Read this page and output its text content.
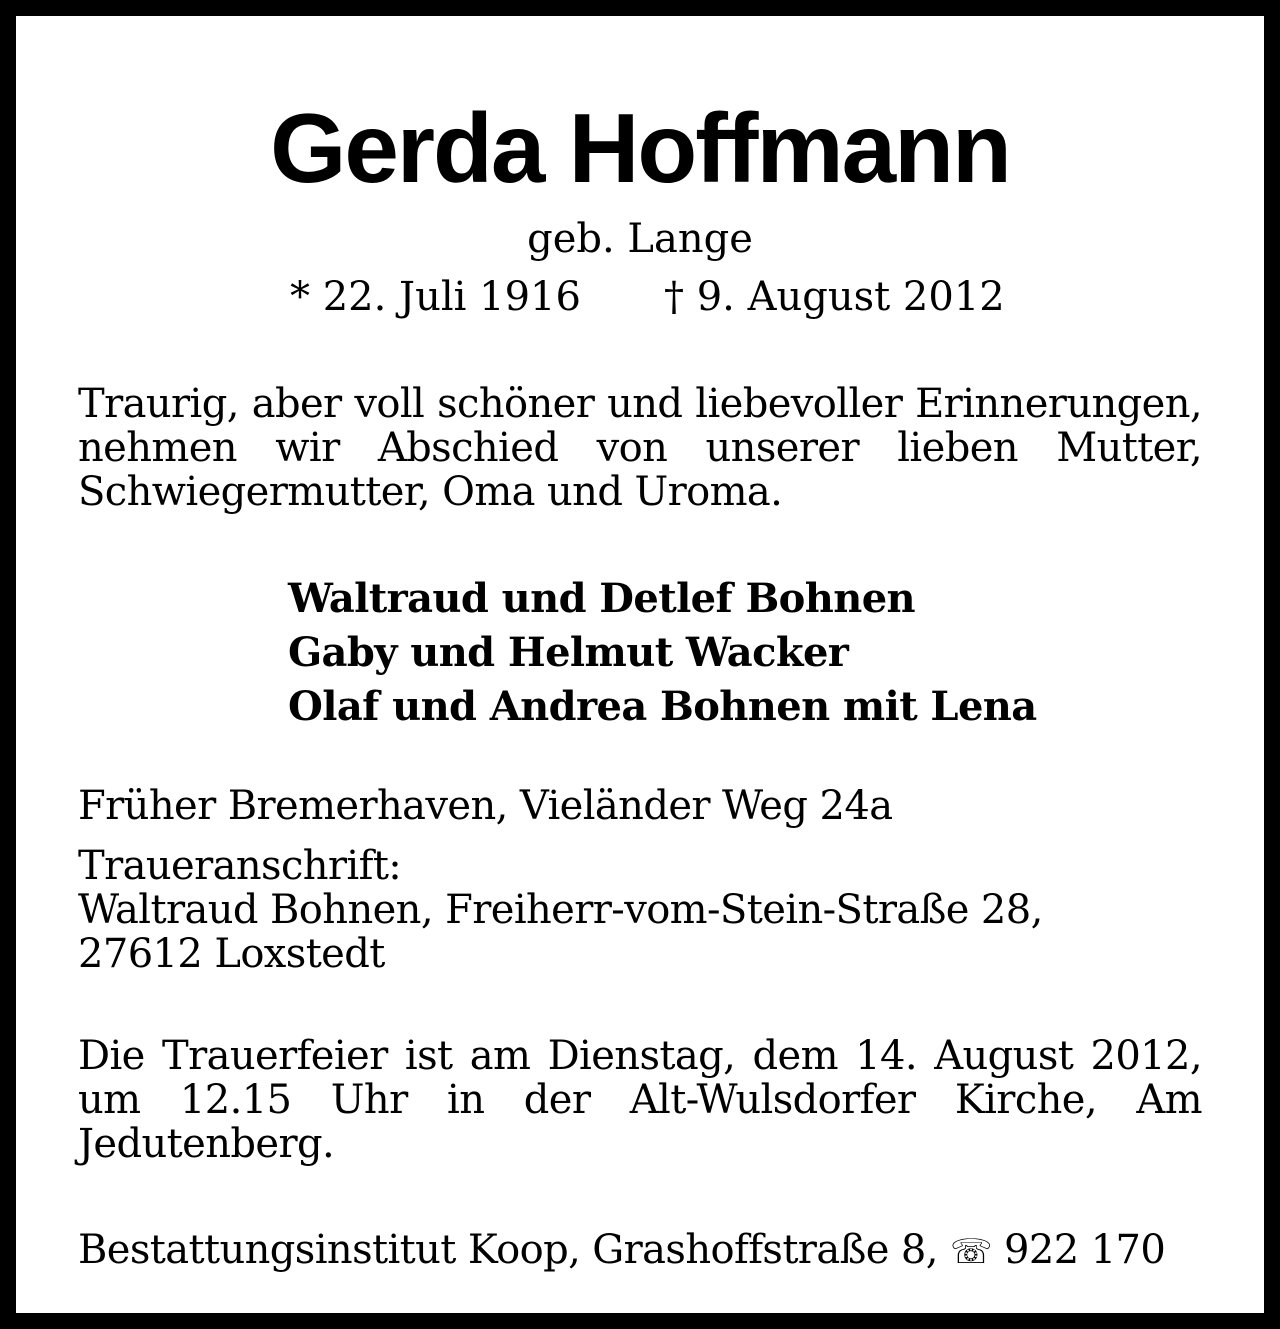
Gerda Hoffmann
geb. Lange
* 22. Juli 1916 † 9. August 2012
Traurig, aber voll schöner und liebevoller Erinnerungen, nehmen wir Abschied von unserer lieben Mutter, Schwiegermutter, Oma und Uroma.
Waltraud und Detlef Bohnen
Gaby und Helmut Wacker
Olaf und Andrea Bohnen mit Lena
Früher Bremerhaven, Vieländer Weg 24a
Traueranschrift:
Waltraud Bohnen, Freiherr-vom-Stein-Straße 28,
27612 Loxstedt
Die Trauerfeier ist am Dienstag, dem 14. August 2012, um 12.15 Uhr in der Alt-Wulsdorfer Kirche, Am Jedutenberg.
Bestattungsinstitut Koop, Grashoffstraße 8, ☏ 922 170
